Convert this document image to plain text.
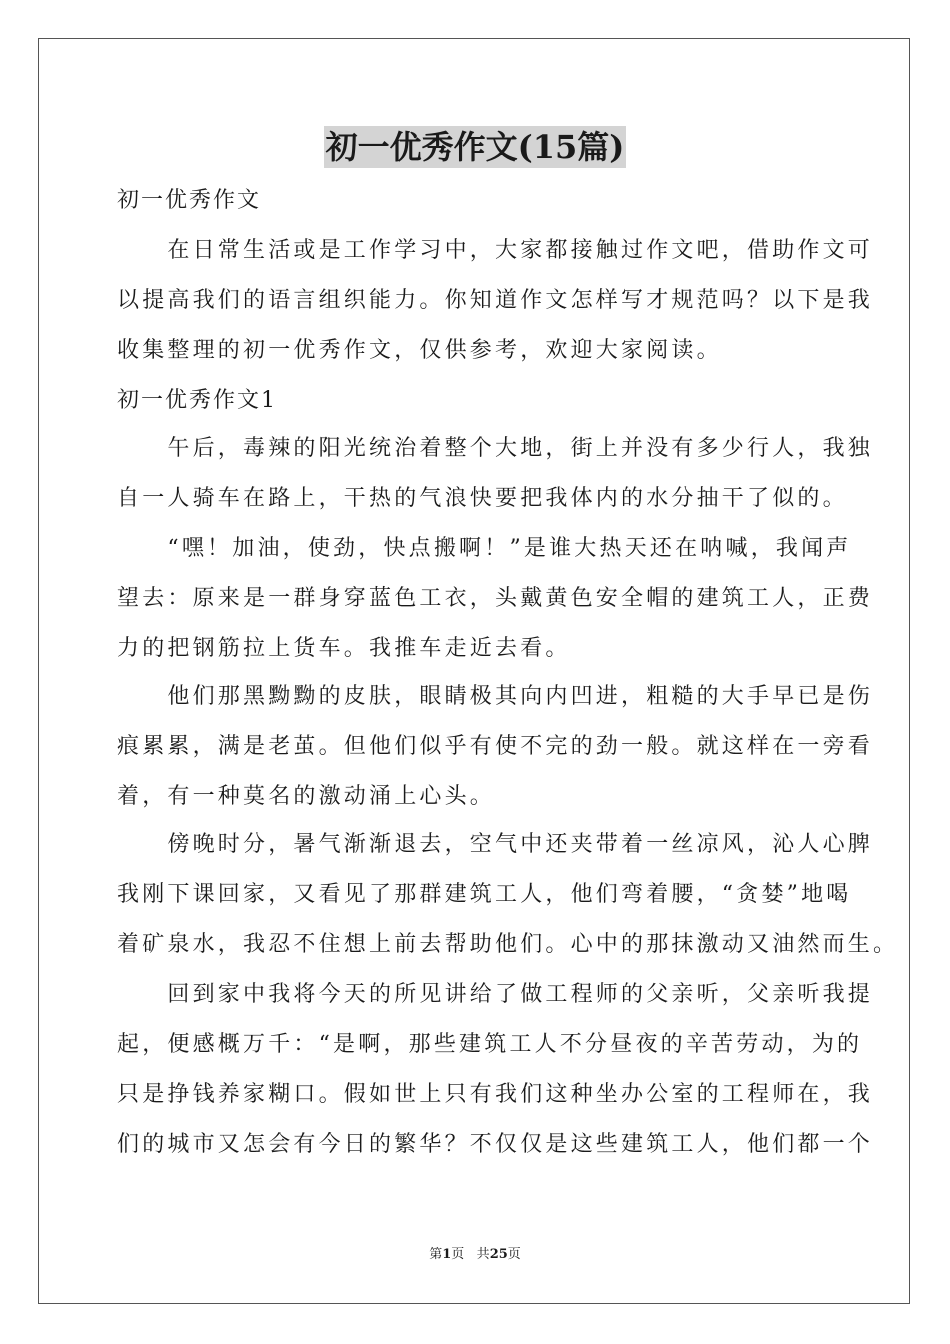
初一优秀作文(15篇)
初一优秀作文
　　在日常生活或是工作学习中，大家都接触过作文吧，借助作文可
以提高我们的语言组织能力。你知道作文怎样写才规范吗？以下是我
收集整理的初一优秀作文，仅供参考，欢迎大家阅读。
初一优秀作文1
　　午后，毒辣的阳光统治着整个大地，街上并没有多少行人，我独
自一人骑车在路上，干热的气浪快要把我体内的水分抽干了似的。
　　“嘿！加油，使劲，快点搬啊！”是谁大热天还在呐喊，我闻声
望去：原来是一群身穿蓝色工衣，头戴黄色安全帽的建筑工人，正费
力的把钢筋拉上货车。我推车走近去看。
　　他们那黑黝黝的皮肤，眼睛极其向内凹进，粗糙的大手早已是伤
痕累累，满是老茧。但他们似乎有使不完的劲一般。就这样在一旁看
着，有一种莫名的激动涌上心头。
　　傍晚时分，暑气渐渐退去，空气中还夹带着一丝凉风，沁人心脾
我刚下课回家，又看见了那群建筑工人，他们弯着腰，“贪婪”地喝
着矿泉水，我忍不住想上前去帮助他们。心中的那抹激动又油然而生。
　　回到家中我将今天的所见讲给了做工程师的父亲听，父亲听我提
起，便感概万千：“是啊，那些建筑工人不分昼夜的辛苦劳动，为的
只是挣钱养家糊口。假如世上只有我们这种坐办公室的工程师在，我
们的城市又怎会有今日的繁华？不仅仅是这些建筑工人，他们都一个
第1页 共25页
